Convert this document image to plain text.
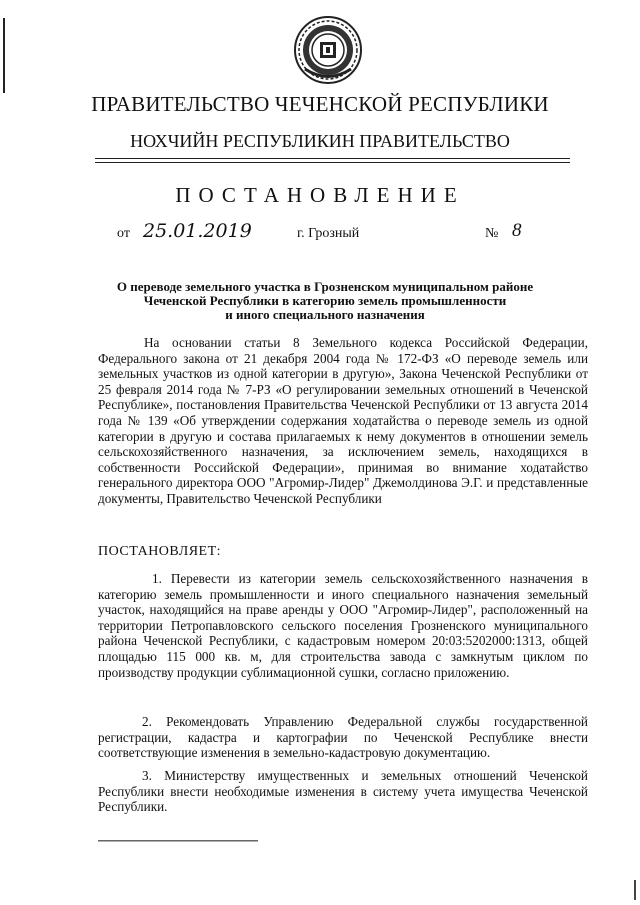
ПРАВИТЕЛЬСТВО ЧЕЧЕНСКОЙ РЕСПУБЛИКИ
НОХЧИЙН РЕСПУБЛИКИН ПРАВИТЕЛЬСТВО
ПОСТАНОВЛЕНИЕ
от 25.01.2019	г. Грозный	№ 8
О переводе земельного участка в Грозненском муниципальном районе
Чеченской Республики в категорию земель промышленности
и иного специального назначения
На основании статьи 8 Земельного кодекса Российской Федерации, Федерального закона от 21 декабря 2004 года № 172-ФЗ «О переводе земель или земельных участков из одной категории в другую», Закона Чеченской Республики от 25 февраля 2014 года № 7-РЗ «О регулировании земельных отношений в Чеченской Республике», постановления Правительства Чеченской Республики от 13 августа 2014 года № 139 «Об утверждении содержания ходатайства о переводе земель из одной категории в другую и состава прилагаемых к нему документов в отношении земель сельскохозяйственного назначения, за исключением земель, находящихся в собственности Российской Федерации», принимая во внимание ходатайство генерального директора ООО "Агромир-Лидер" Джемолдинова Э.Г. и представленные документы, Правительство Чеченской Республики
ПОСТАНОВЛЯЕТ:
1. Перевести из категории земель сельскохозяйственного назначения в категорию земель промышленности и иного специального назначения земельный участок, находящийся на праве аренды у ООО "Агромир-Лидер", расположенный на территории Петропавловского сельского поселения Грозненского муниципального района Чеченской Республики, с кадастровым номером 20:03:5202000:1313, общей площадью 115 000 кв. м, для строительства завода с замкнутым циклом по производству продукции сублимационной сушки, согласно приложению.
2. Рекомендовать Управлению Федеральной службы государственной регистрации, кадастра и картографии по Чеченской Республике внести соответствующие изменения в земельно-кадастровую документацию.
3. Министерству имущественных и земельных отношений Чеченской Республики внести необходимые изменения в систему учета имущества Чеченской Республики.
